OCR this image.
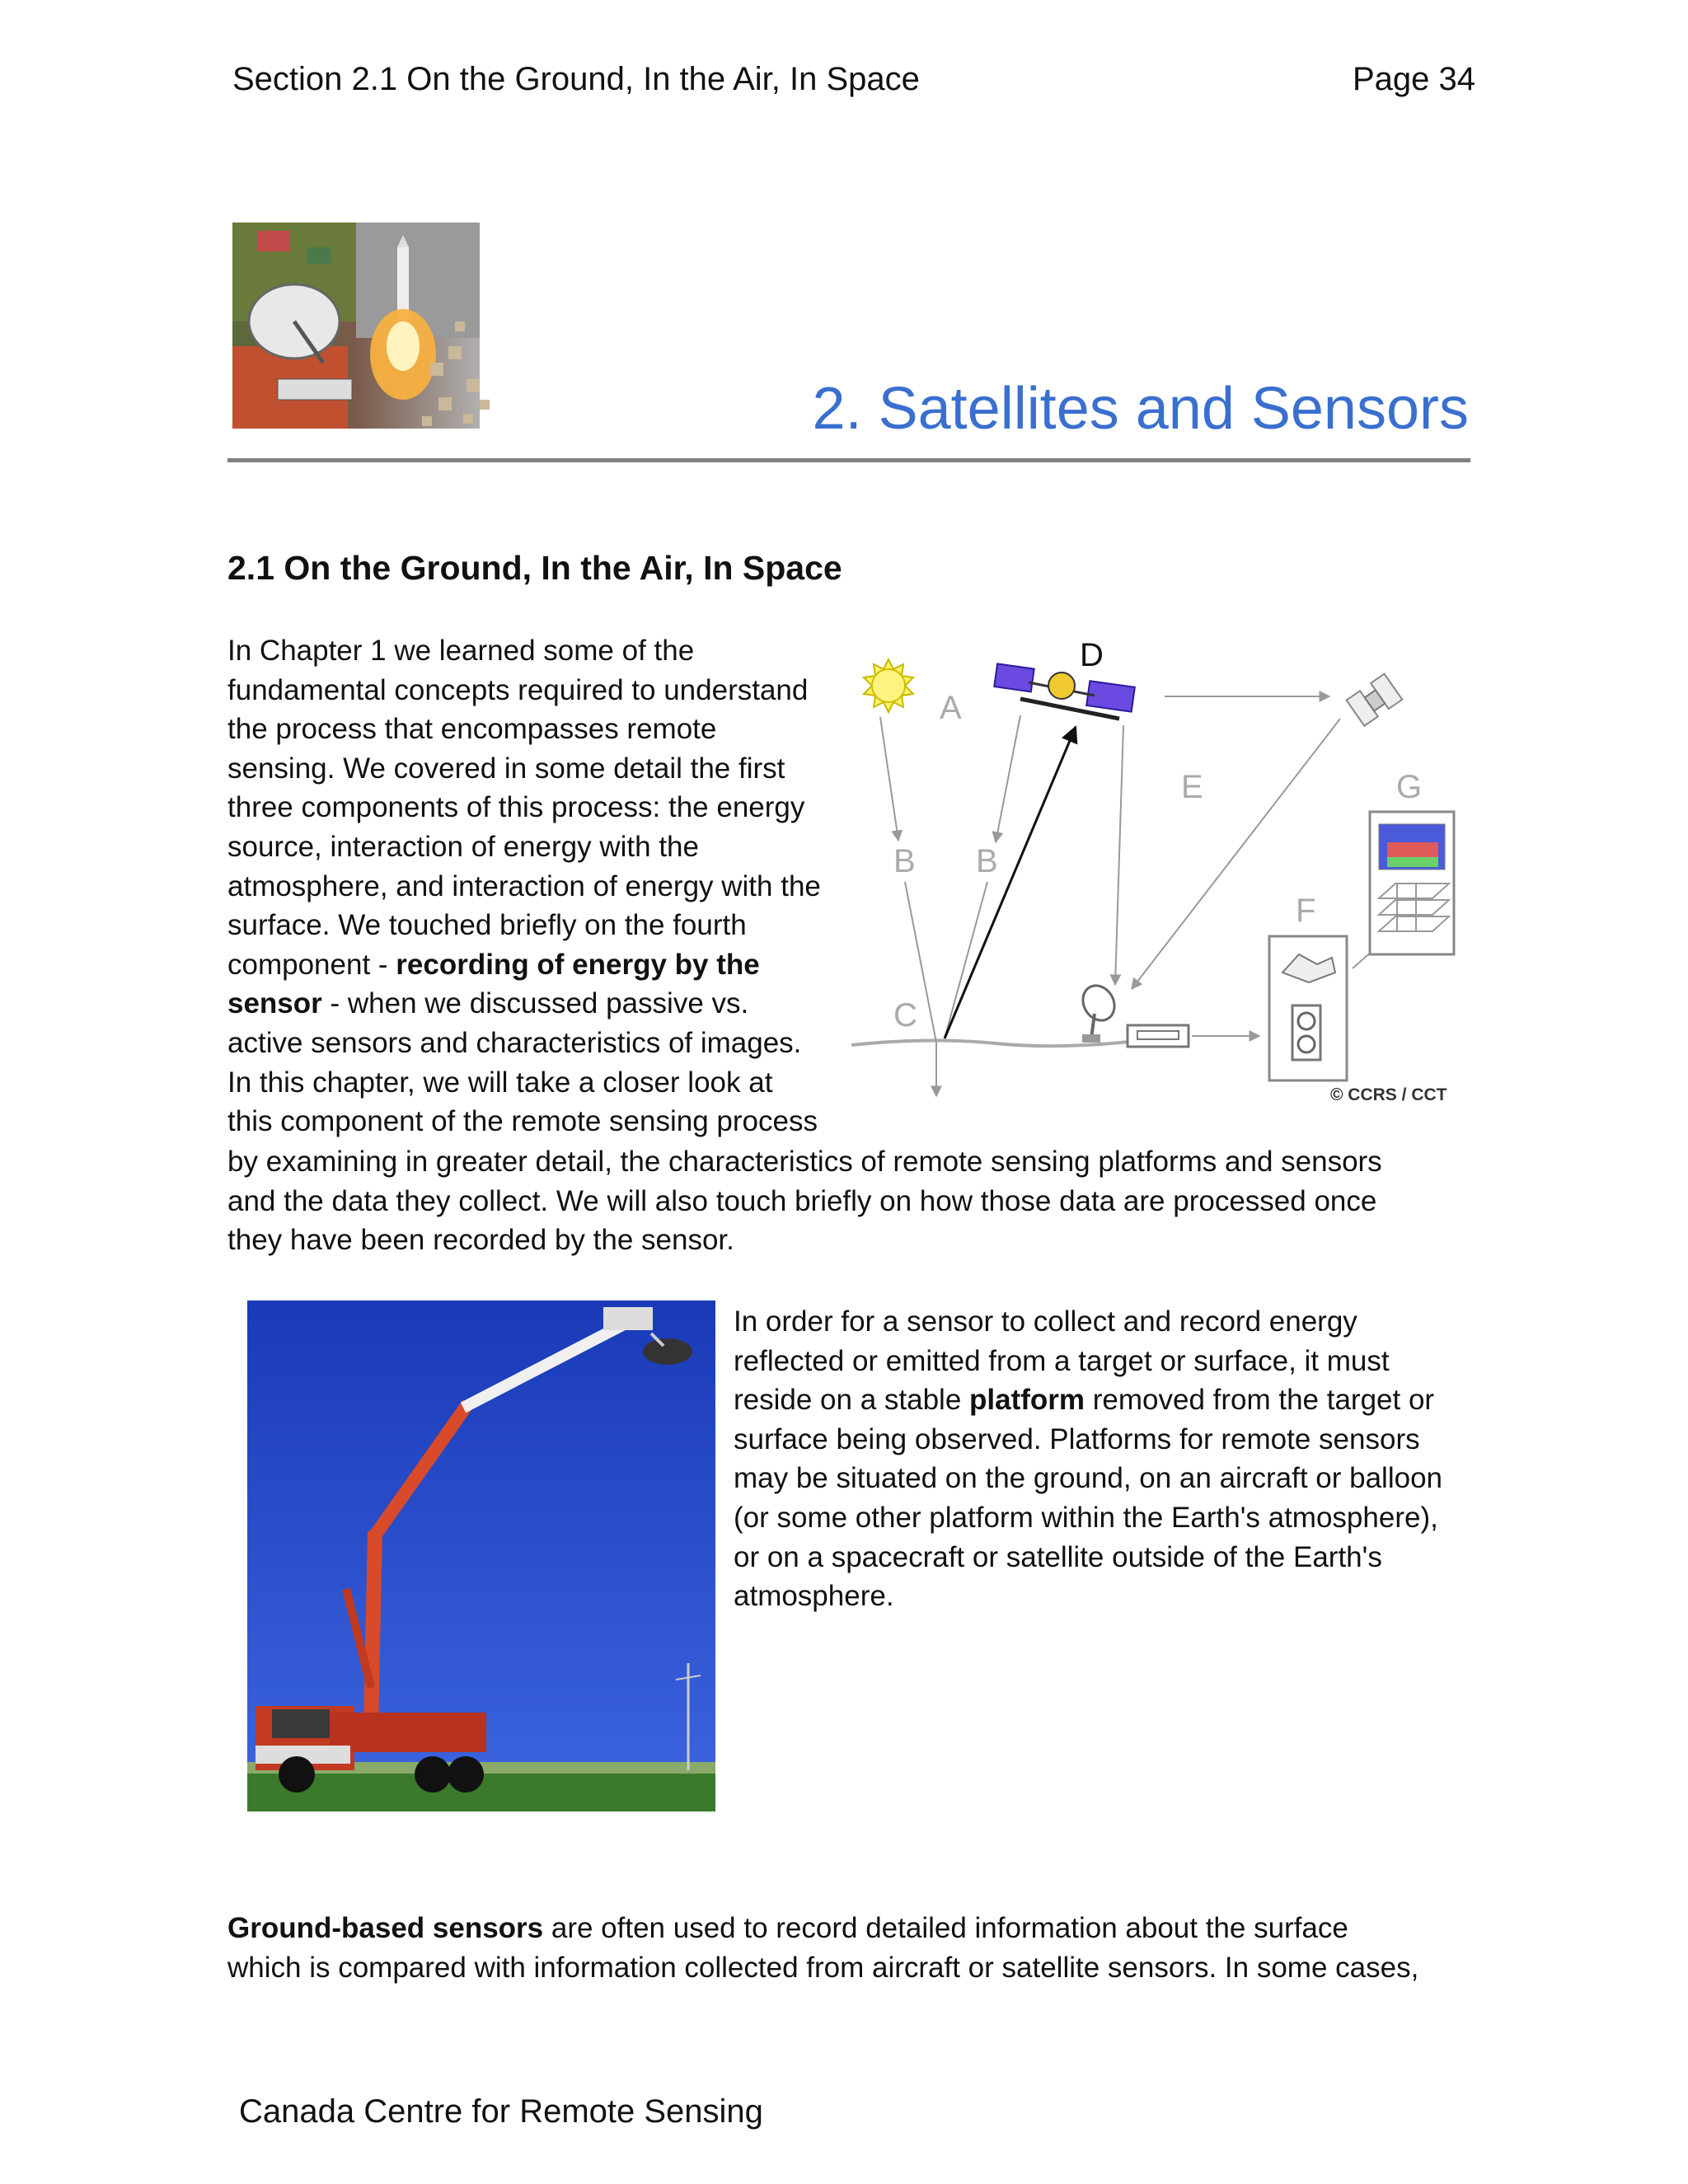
Section 2.1 On the Ground, In the Air, In Space	Page 34
2. Satellites and Sensors
2.1 On the Ground, In the Air, In Space
In Chapter 1 we learned some of the
fundamental concepts required to understand
the process that encompasses remote
sensing. We covered in some detail the first
three components of this process: the energy
source, interaction of energy with the
atmosphere, and interaction of energy with the
surface. We touched briefly on the fourth
component - recording of energy by the
sensor - when we discussed passive vs.
active sensors and characteristics of images.
In this chapter, we will take a closer look at
this component of the remote sensing process
by examining in greater detail, the characteristics of remote sensing platforms and sensors
and the data they collect. We will also touch briefly on how those data are processed once
they have been recorded by the sensor.
A
B B
C
E
F
G
D
© CCRS / CCT
In order for a sensor to collect and record energy
reflected or emitted from a target or surface, it must
reside on a stable platform removed from the target or
surface being observed. Platforms for remote sensors
may be situated on the ground, on an aircraft or balloon
(or some other platform within the Earth's atmosphere),
or on a spacecraft or satellite outside of the Earth's
atmosphere.
Ground-based sensors are often used to record detailed information about the surface
which is compared with information collected from aircraft or satellite sensors. In some cases,
Canada Centre for Remote Sensing
